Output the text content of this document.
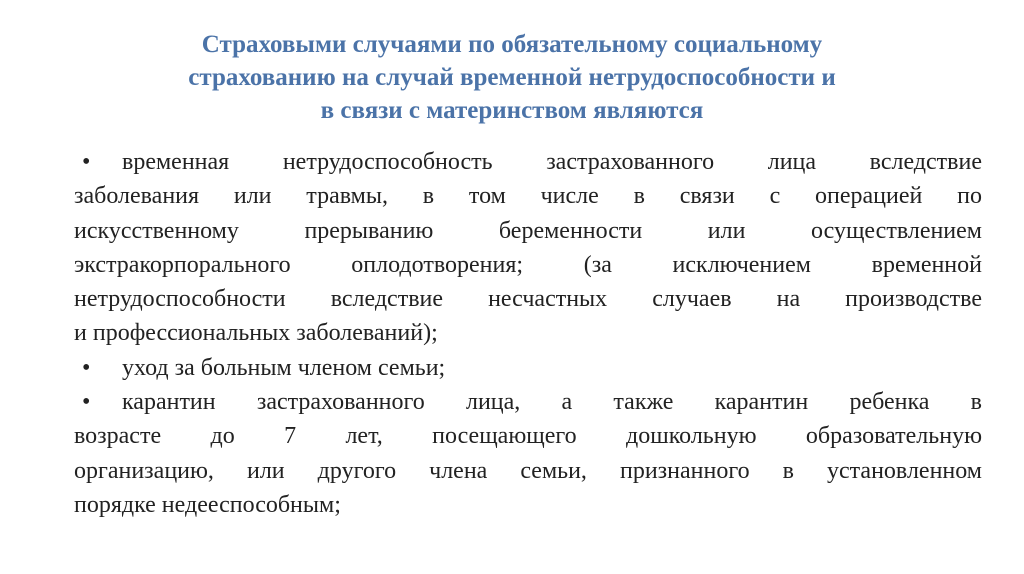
Страховыми случаями по обязательному социальному
страхованию на случай временной нетрудоспособности и
в связи с материнством являются
•	временная нетрудоспособность застрахованного лица вследствие
заболевания или травмы, в том числе в связи с операцией по
искусственному прерыванию беременности или осуществлением
экстракорпорального оплодотворения; (за исключением временной
нетрудоспособности вследствие несчастных случаев на производстве
и профессиональных заболеваний);
•	уход за больным членом семьи;
•	карантин застрахованного лица, а также карантин ребенка в
возрасте до 7 лет, посещающего дошкольную образовательную
организацию, или другого члена семьи, признанного в установленном
порядке недееспособным;
